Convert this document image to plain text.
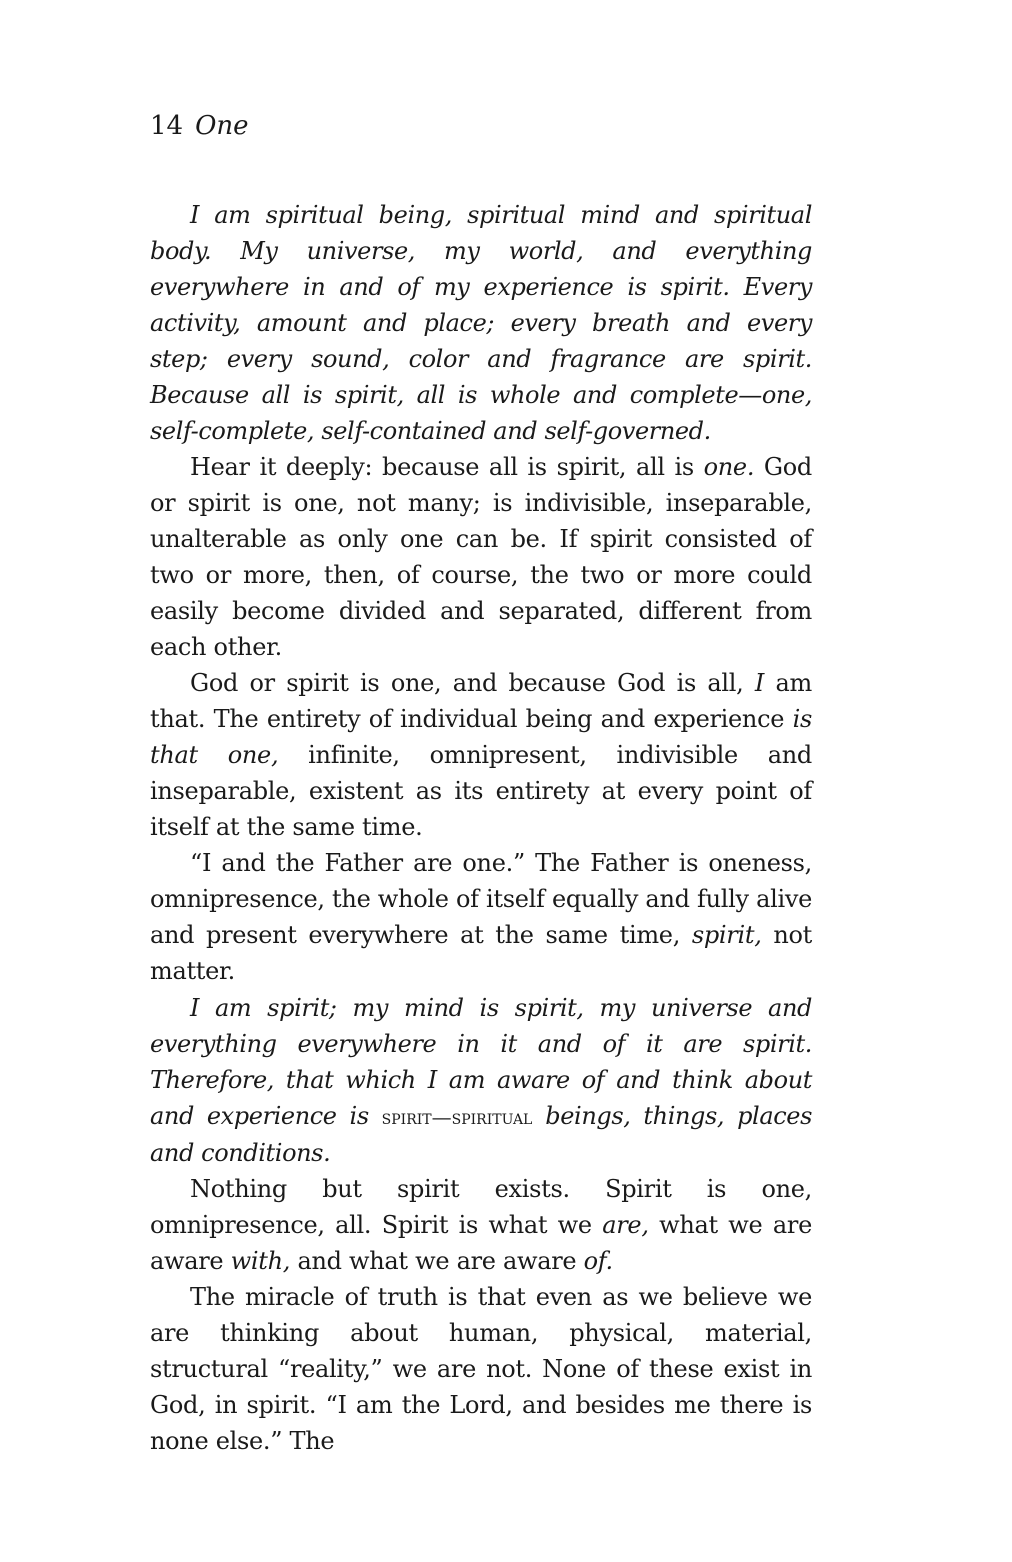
14 One

I am spiritual being, spiritual mind and spiritual body. My universe, my world, and everything everywhere in and of my experience is spirit. Every activity, amount and place; every breath and every step; every sound, color and fragrance are spirit. Because all is spirit, all is whole and complete—one, self-complete, self-contained and self-governed.

Hear it deeply: because all is spirit, all is one. God or spirit is one, not many; is indivisible, inseparable, unalterable as only one can be. If spirit consisted of two or more, then, of course, the two or more could easily become divided and separated, different from each other.

God or spirit is one, and because God is all, I am that. The entirety of individual being and experience is that one, infinite, omnipresent, indivisible and inseparable, existent as its entirety at every point of itself at the same time.

“I and the Father are one.” The Father is oneness, omnipresence, the whole of itself equally and fully alive and present everywhere at the same time, spirit, not matter.

I am spirit; my mind is spirit, my universe and everything everywhere in it and of it are spirit. Therefore, that which I am aware of and think about and experience is spirit—spiritual beings, things, places and conditions.

Nothing but spirit exists. Spirit is one, omnipresence, all. Spirit is what we are, what we are aware with, and what we are aware of.

The miracle of truth is that even as we believe we are thinking about human, physical, material, structural “reality,” we are not. None of these exist in God, in spirit. “I am the Lord, and besides me there is none else.” The
